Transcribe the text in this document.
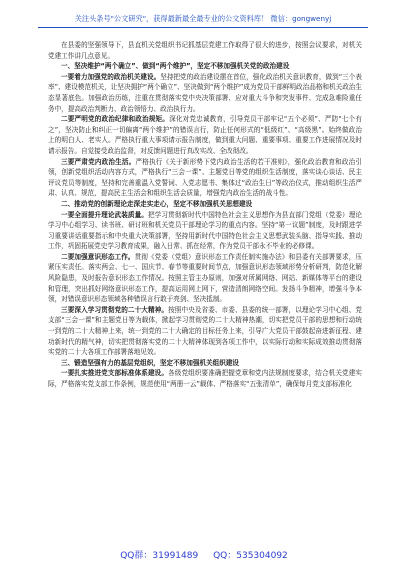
关注头条号"公文研究"，获得最新最全最专业的公文资料库！ 微信：gongwenyj

在县委的坚强领导下，县直机关党组织书记抓基层党建工作取得了很大的进步，按照会议要求，对机关党建工作讲几点意见。

一、坚决维护“两个确立”、做到“两个维护”，坚定不移加强机关党的政治建设

一要着力加强党的政治机关建设。坚持把党的政治建设摆在首位，强化政治机关意识教育，做到“三个表率”、建设模范机关，让坚决拥护“两个确立”、坚决做到“两个维护”成为党员干部鲜明政治品格和机关政治生态显著底色。加强政治历练，注重在贯彻落实党中央决策部署、应对重大斗争和突发事件、完成急难险重任务中，提高政治判断力、政治领悟力、政治执行力。

二要严明党的政治纪律和政治规矩。深化对党忠诚教育，引导党员干部牢记“五个必须”、严防“七个有之”，坚决防止和纠正一切偏离“两个维护”的错误言行，防止任何形式的“低级红”、“高级黑”。始终做政治上的明白人、老实人。严格执行重大事项请示报告制度，做到重大问题、重要事项、重要工作进展情况及时请示报告。自觉接受政治监督，对反馈问题进行真改实改、全改彻改。

三要严肃党内政治生活。严格执行《关于新形势下党内政治生活的若干准则》，强化政治教育和政治引领，创新党组织活动内容方式，严格执行“三会一课”、主题党日等党的组织生活制度，落实谈心谈话、民主评议党员等制度，坚持和完善重温入党誓词、入党志愿书、集体过“政治生日”等政治仪式，推动组织生活严肃、认真、规范，提高民主生活会和组织生活会质量，增强党内政治生活的战斗性。

二、推动党的创新理论走深走实走心，坚定不移加强机关思想建设

一要全面提升理论武装质量。把学习贯彻新时代中国特色社会主义思想作为县直部门党组（党委）理论学习中心组学习、读书班、研讨班和机关党员干部理论学习的重点内容。坚持“第一议题”制度，及时跟进学习重要讲话重要指示和中央重大决策部署，坚持用新时代中国特色社会主义思想武装头脑、指导实践、推动工作，巩固拓展党史学习教育成果，融入日常、抓在经常，作为党员干部永不毕业的必修课。

二要加强意识形态工作。贯彻《党委（党组）意识形态工作责任制实施办法》和县委有关部署要求，压紧压实责任。落实两会、七一、国庆节、春节等重要时间节点，加强意识形态领域形势分析研判，防范化解风险隐患，及时报告意识形态工作情况。按照主管主办原则，加强对所属网络、网站、新媒体等平台的建设和管理，突出抓好网络意识形态工作，提高运用网上网下，营造清朗网络空间。发扬斗争精神，增强斗争本领，对错误意识形态领域各种错误言行敢于亮剑、坚决抵制。

三要深入学习贯彻党的二十大精神。按照中央及省委、市委、县委的统一部署，以理论学习中心组、党支部“三会一课”和主题党日等为载体，掀起学习贯彻党的二十大精神热潮，切实把党员干部的思想和行动统一到党的二十大精神上来，统一到党的二十大确定的目标任务上来，引导广大党员干部鼓起奋进新征程、建功新时代的精气神，切实把贯彻落实党的二十大精神体现到各项工作中，以实际行动和实际成效推动贯彻落实党的二十大各项工作部署落地见效。

三、锻造坚强有力的基层党组织，坚定不移加强机关组织建设

一要扎实推进党支部标准体系建设。各级党组织要准确把握党章和党内法规制度要求，结合机关党建实际，严格落实党支部工作条例，规范使用“两册一云”载体、严格落实“五张清单”，确保每月党支部标准化

QQ群：31991489 QQ：535304092
